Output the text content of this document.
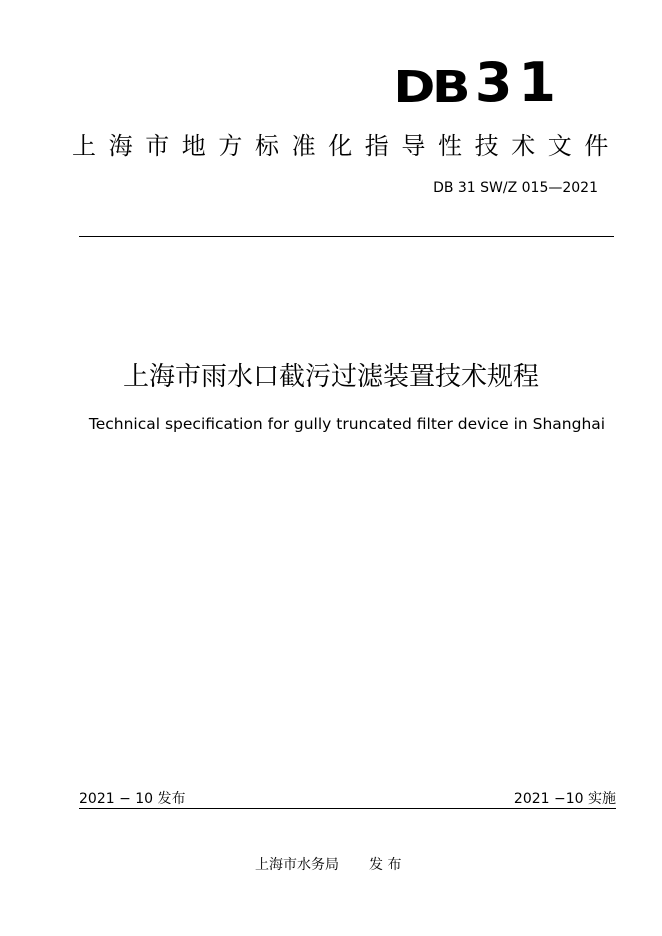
DB 31
上海市地方标准化指导性技术文件
DB 31 SW/Z 015—2021
上海市雨水口截污过滤装置技术规程
Technical specification for gully truncated filter device in Shanghai
2021 − 10 发布	2021 −10 实施
上海市水务局 发 布
